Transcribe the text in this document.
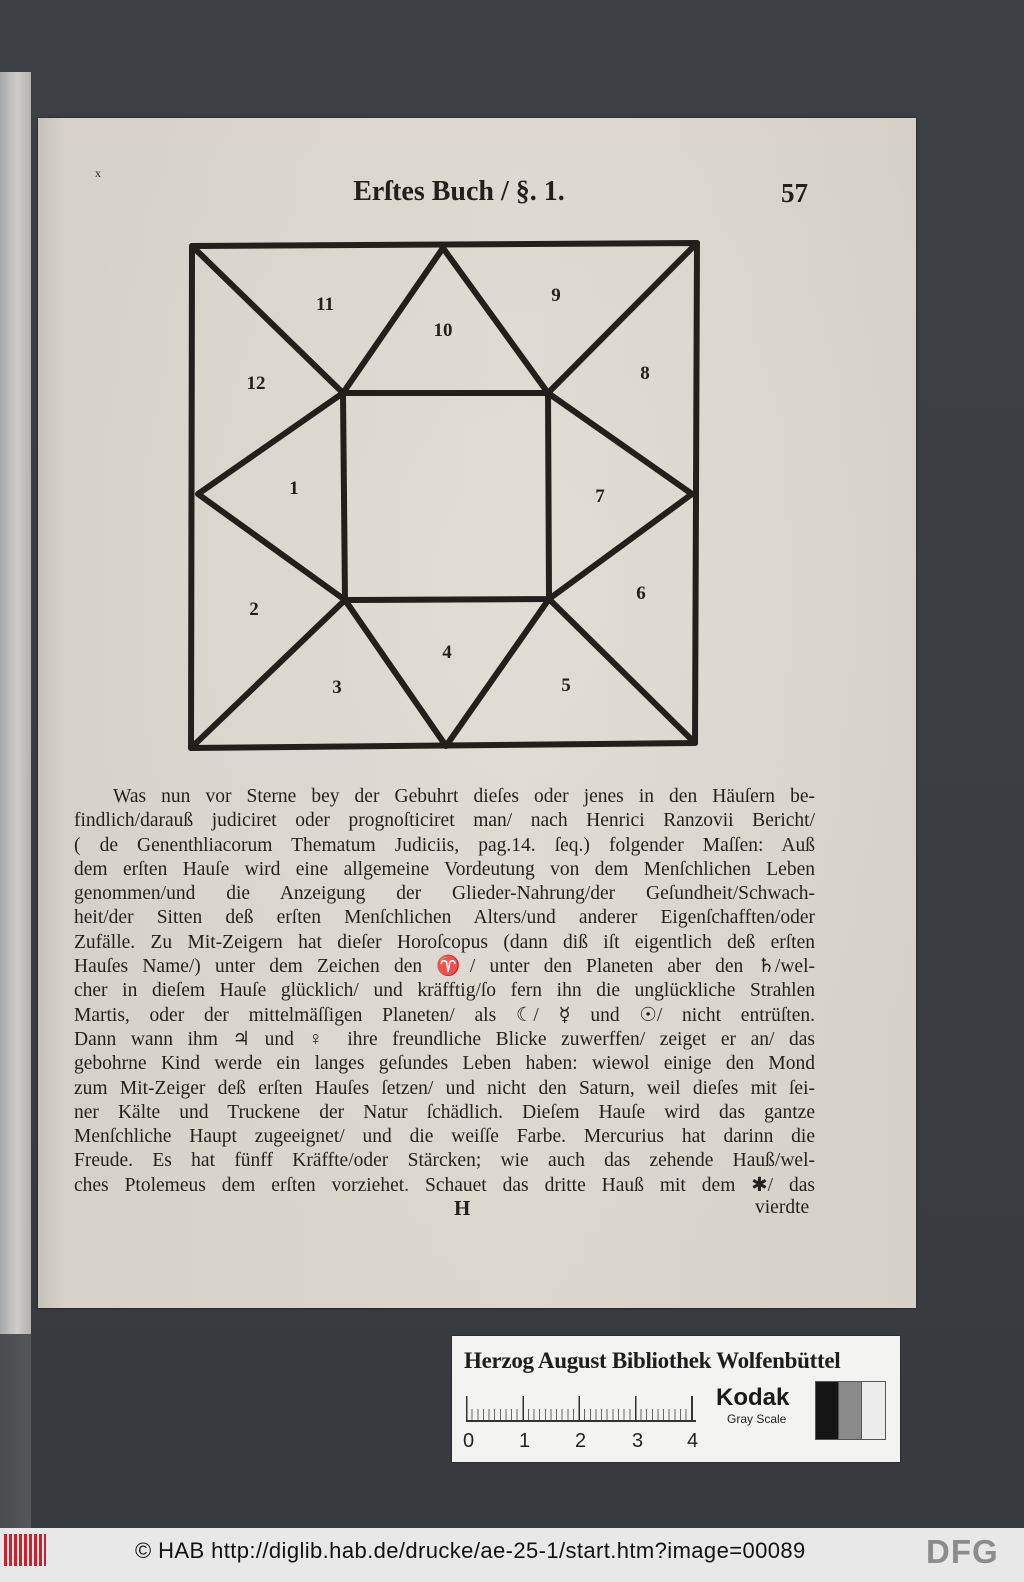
x
Erſtes Buch / §. 1.	57
11
10
9
8
12
1	7
6
2
4
3	5
Was nun vor Sterne bey der Gebuhrt dieſes oder jenes in den Häuſern be-
findlich/darauß judiciret oder prognoſticiret man/ nach Henrici Ranzovii Bericht/
( de Genenthliacorum Thematum Judiciis, pag.14. ſeq.) folgender Maſſen: Auß
dem erſten Hauſe wird eine allgemeine Vordeutung von dem Menſchlichen Leben
genommen/und die Anzeigung der Glieder-Nahrung/der Geſundheit/Schwach-
heit/der Sitten deß erſten Menſchlichen Alters/und anderer Eigenſchafften/oder
Zufälle. Zu Mit-Zeigern hat dieſer Horoſcopus (dann diß iſt eigentlich deß erſten
Hauſes Name/) unter dem Zeichen den ♈/ unter den Planeten aber den ♄/wel-
cher in dieſem Hauſe glücklich/ und kräfftig/ſo fern ihn die unglückliche Strahlen
Martis, oder der mittelmäſſigen Planeten/ als ☾/ ☿ und ☉/ nicht entrüſten.
Dann wann ihm ♃ und ♀ ihre freundliche Blicke zuwerffen/ zeiget er an/ das
gebohrne Kind werde ein langes geſundes Leben haben: wiewol einige den Mond
zum Mit-Zeiger deß erſten Hauſes ſetzen/ und nicht den Saturn, weil dieſes mit ſei-
ner Kälte und Truckene der Natur ſchädlich. Dieſem Hauſe wird das gantze
Menſchliche Haupt zugeeignet/ und die weiſſe Farbe. Mercurius hat darinn die
Freude. Es hat fünff Kräffte/oder Stärcken; wie auch das zehende Hauß/wel-
ches Ptolemeus dem erſten vorziehet. Schauet das dritte Hauß mit dem ✱/ das
H	vierdte
Herzog August Bibliothek Wolfenbüttel
0 1 2 3 4
Kodak
Gray Scale
© HAB http://diglib.hab.de/drucke/ae-25-1/start.htm?image=00089	DFG
